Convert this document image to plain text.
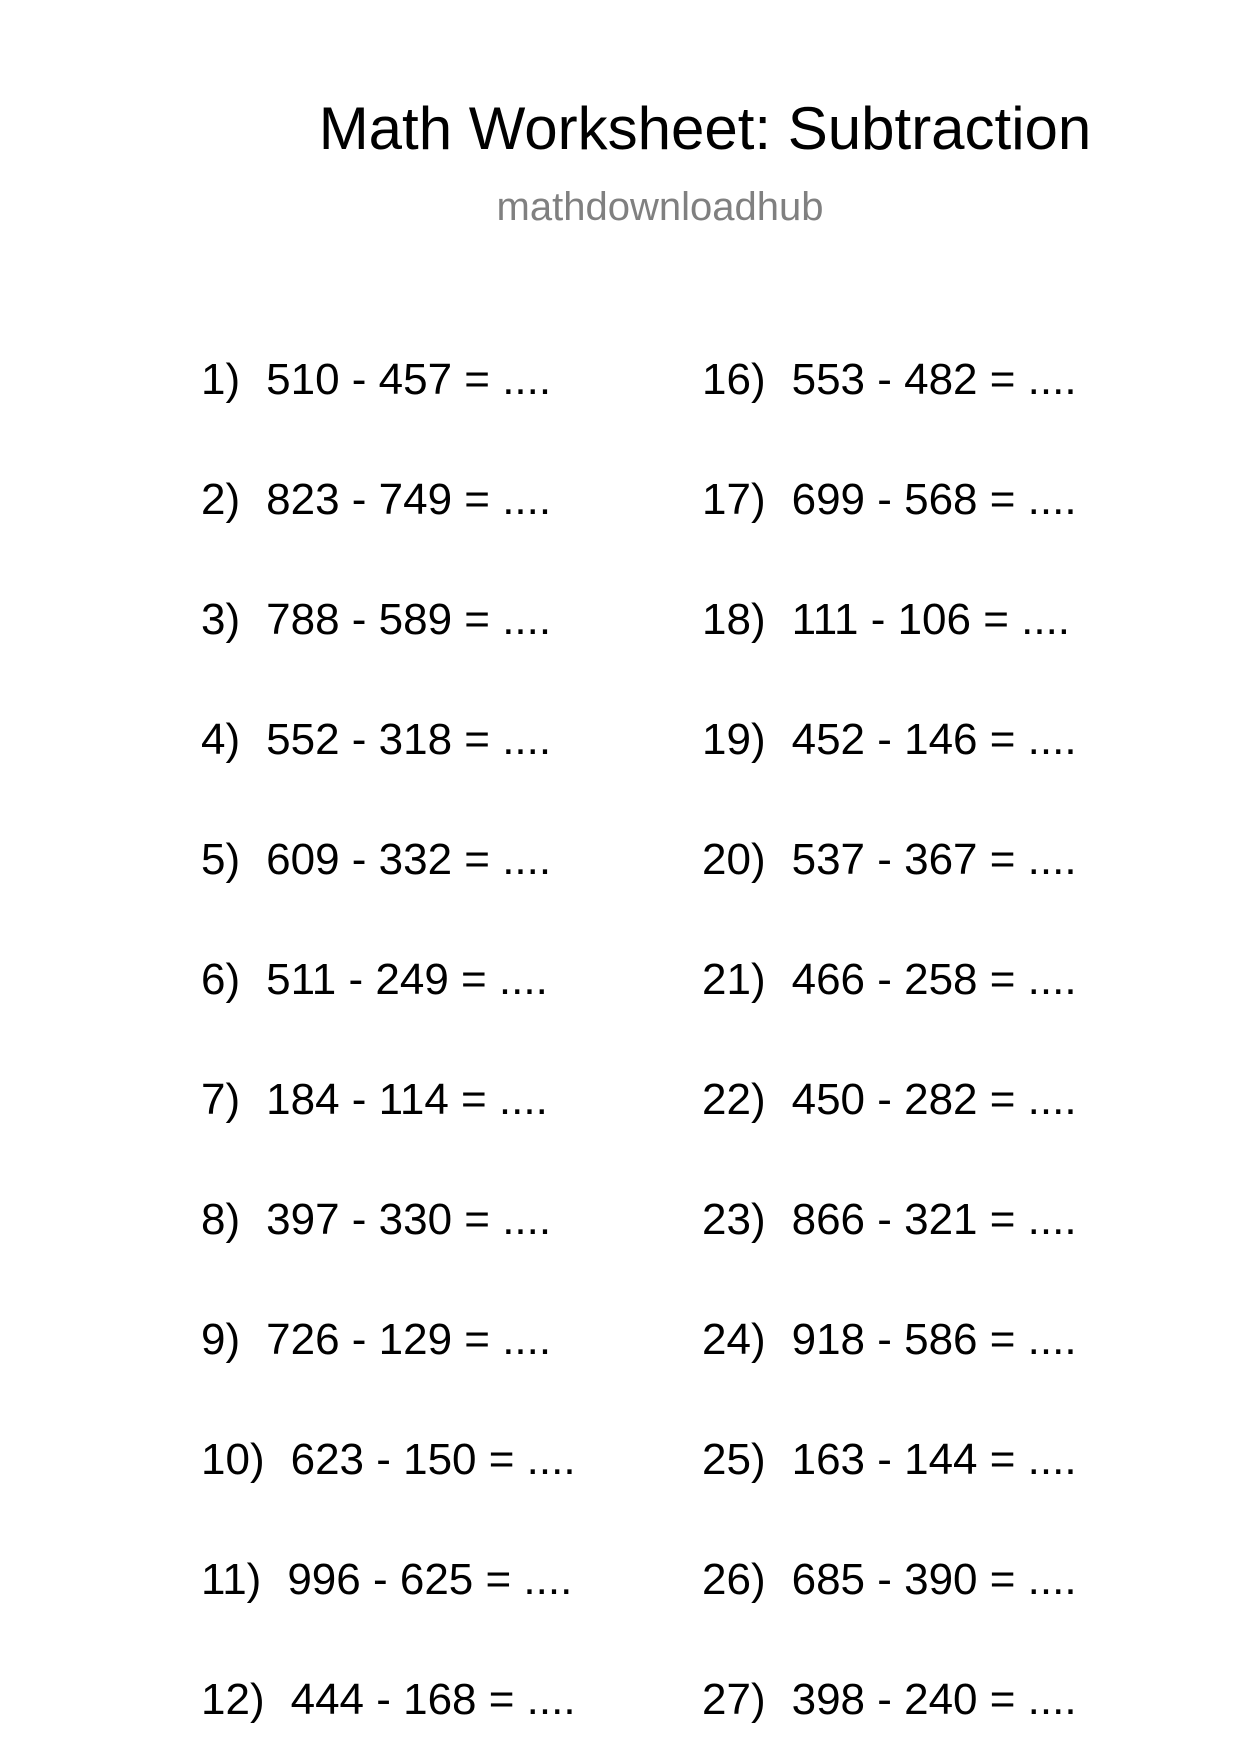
Math Worksheet: Subtraction
mathdownloadhub
1) 510 - 457 = ....
2) 823 - 749 = ....
3) 788 - 589 = ....
4) 552 - 318 = ....
5) 609 - 332 = ....
6) 511 - 249 = ....
7) 184 - 114 = ....
8) 397 - 330 = ....
9) 726 - 129 = ....
10) 623 - 150 = ....
11) 996 - 625 = ....
12) 444 - 168 = ....
16) 553 - 482 = ....
17) 699 - 568 = ....
18) 111 - 106 = ....
19) 452 - 146 = ....
20) 537 - 367 = ....
21) 466 - 258 = ....
22) 450 - 282 = ....
23) 866 - 321 = ....
24) 918 - 586 = ....
25) 163 - 144 = ....
26) 685 - 390 = ....
27) 398 - 240 = ....
